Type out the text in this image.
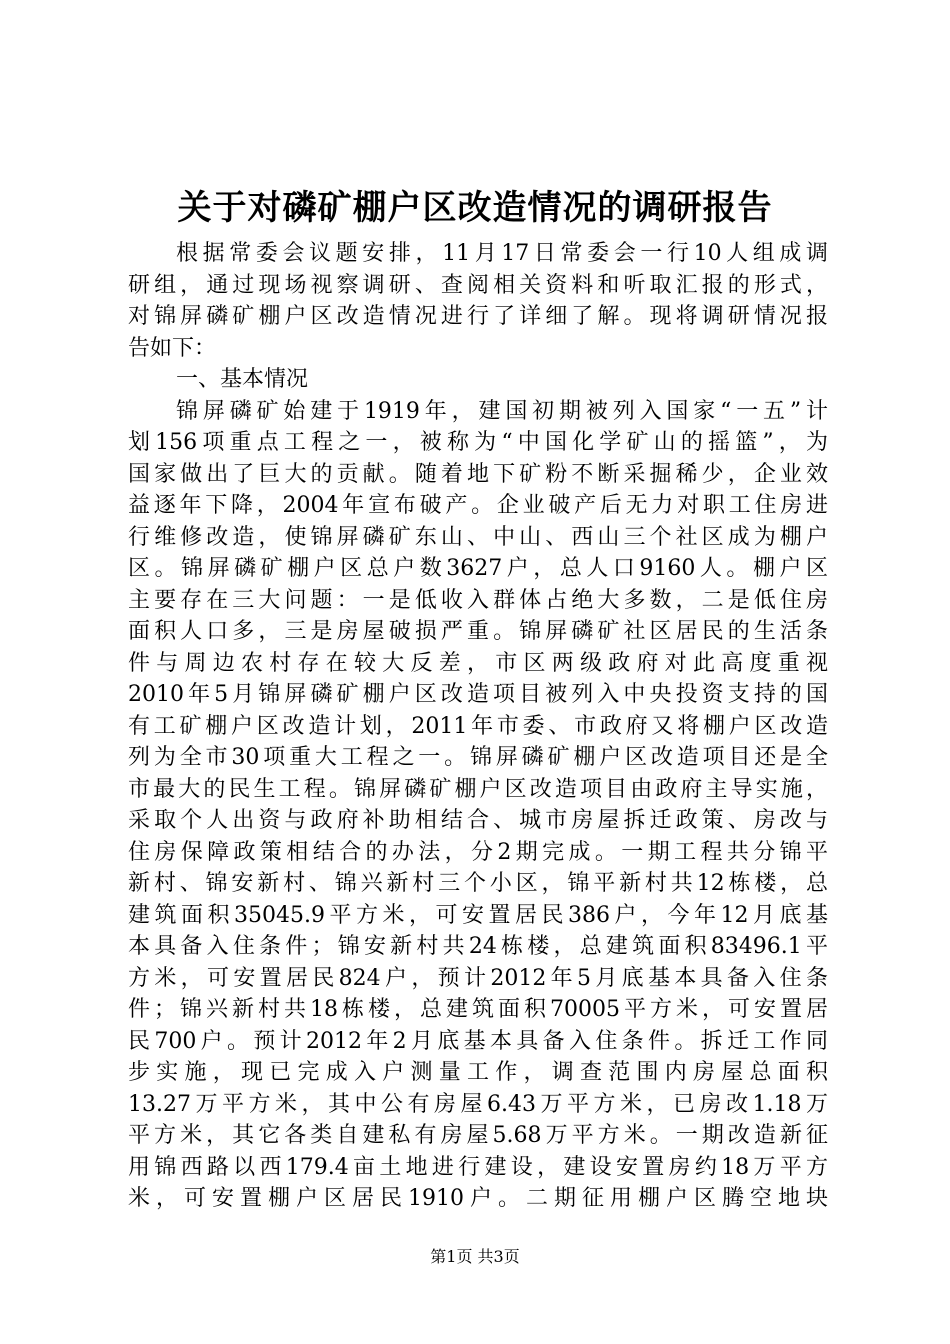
关于对磷矿棚户区改造情况的调研报告
根据常委会议题安排，11月17日常委会一行10人组成调
研组，通过现场视察调研、查阅相关资料和听取汇报的形式，
对锦屏磷矿棚户区改造情况进行了详细了解。现将调研情况报
告如下：
一、基本情况
锦屏磷矿始建于1919年，建国初期被列入国家“一五”计
划156项重点工程之一，被称为“中国化学矿山的摇篮”，为
国家做出了巨大的贡献。随着地下矿粉不断采掘稀少，企业效
益逐年下降，2004年宣布破产。企业破产后无力对职工住房进
行维修改造，使锦屏磷矿东山、中山、西山三个社区成为棚户
区。锦屏磷矿棚户区总户数3627户，总人口9160人。棚户区
主要存在三大问题：一是低收入群体占绝大多数，二是低住房
面积人口多，三是房屋破损严重。锦屏磷矿社区居民的生活条
件与周边农村存在较大反差，市区两级政府对此高度重视
2010年5月锦屏磷矿棚户区改造项目被列入中央投资支持的国
有工矿棚户区改造计划，2011年市委、市政府又将棚户区改造
列为全市30项重大工程之一。锦屏磷矿棚户区改造项目还是全
市最大的民生工程。锦屏磷矿棚户区改造项目由政府主导实施，
采取个人出资与政府补助相结合、城市房屋拆迁政策、房改与
住房保障政策相结合的办法，分2期完成。一期工程共分锦平
新村、锦安新村、锦兴新村三个小区，锦平新村共12栋楼，总
建筑面积35045.9平方米，可安置居民386户，今年12月底基
本具备入住条件；锦安新村共24栋楼，总建筑面积83496.1平
方米，可安置居民824户，预计2012年5月底基本具备入住条
件；锦兴新村共18栋楼，总建筑面积70005平方米，可安置居
民700户。预计2012年2月底基本具备入住条件。拆迁工作同
步实施，现已完成入户测量工作，调查范围内房屋总面积
13.27万平方米，其中公有房屋6.43万平方米，已房改1.18万
平方米，其它各类自建私有房屋5.68万平方米。一期改造新征
用锦西路以西179.4亩土地进行建设，建设安置房约18万平方
米，可安置棚户区居民1910户。二期征用棚户区腾空地块
第1页 共3页
